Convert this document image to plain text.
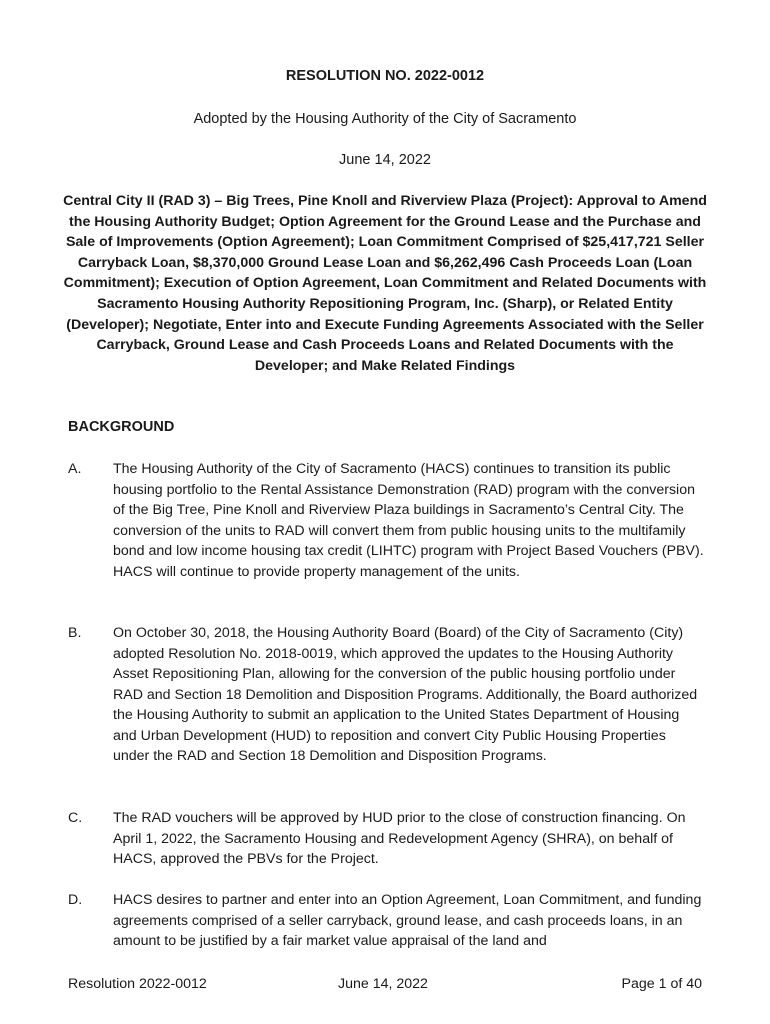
RESOLUTION NO. 2022-0012
Adopted by the Housing Authority of the City of Sacramento
June 14, 2022
Central City II (RAD 3) – Big Trees, Pine Knoll and Riverview Plaza (Project): Approval to Amend the Housing Authority Budget; Option Agreement for the Ground Lease and the Purchase and Sale of Improvements (Option Agreement); Loan Commitment Comprised of $25,417,721 Seller Carryback Loan, $8,370,000 Ground Lease Loan and $6,262,496 Cash Proceeds Loan (Loan Commitment); Execution of Option Agreement, Loan Commitment and Related Documents with Sacramento Housing Authority Repositioning Program, Inc. (Sharp), or Related Entity (Developer); Negotiate, Enter into and Execute Funding Agreements Associated with the Seller Carryback, Ground Lease and Cash Proceeds Loans and Related Documents with the Developer; and Make Related Findings
BACKGROUND
A.	The Housing Authority of the City of Sacramento (HACS) continues to transition its public housing portfolio to the Rental Assistance Demonstration (RAD) program with the conversion of the Big Tree, Pine Knoll and Riverview Plaza buildings in Sacramento’s Central City. The conversion of the units to RAD will convert them from public housing units to the multifamily bond and low income housing tax credit (LIHTC) program with Project Based Vouchers (PBV). HACS will continue to provide property management of the units.
B.	On October 30, 2018, the Housing Authority Board (Board) of the City of Sacramento (City) adopted Resolution No. 2018-0019, which approved the updates to the Housing Authority Asset Repositioning Plan, allowing for the conversion of the public housing portfolio under RAD and Section 18 Demolition and Disposition Programs. Additionally, the Board authorized the Housing Authority to submit an application to the United States Department of Housing and Urban Development (HUD) to reposition and convert City Public Housing Properties under the RAD and Section 18 Demolition and Disposition Programs.
C.	The RAD vouchers will be approved by HUD prior to the close of construction financing. On April 1, 2022, the Sacramento Housing and Redevelopment Agency (SHRA), on behalf of HACS, approved the PBVs for the Project.
D.	HACS desires to partner and enter into an Option Agreement, Loan Commitment, and funding agreements comprised of a seller carryback, ground lease, and cash proceeds loans, in an amount to be justified by a fair market value appraisal of the land and
Resolution 2022-0012	June 14, 2022	Page 1 of 40
